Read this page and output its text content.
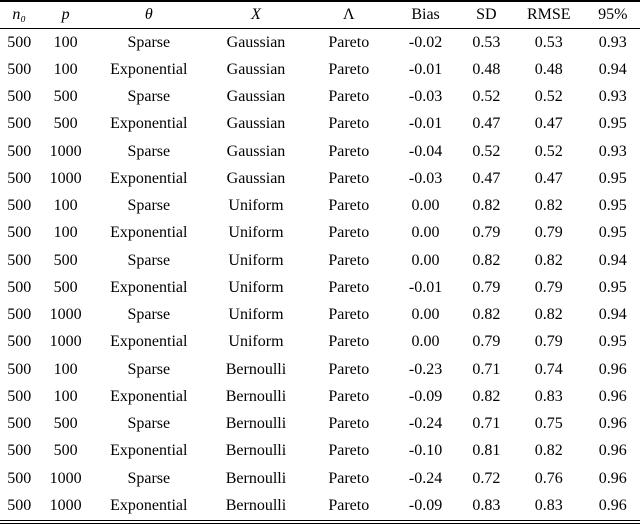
n₀	p	θ	X	Λ	Bias	SD	RMSE	95%
500	100	Sparse	Gaussian	Pareto	-0.02	0.53	0.53	0.93
500	100	Exponential	Gaussian	Pareto	-0.01	0.48	0.48	0.94
500	500	Sparse	Gaussian	Pareto	-0.03	0.52	0.52	0.93
500	500	Exponential	Gaussian	Pareto	-0.01	0.47	0.47	0.95
500	1000	Sparse	Gaussian	Pareto	-0.04	0.52	0.52	0.93
500	1000	Exponential	Gaussian	Pareto	-0.03	0.47	0.47	0.95
500	100	Sparse	Uniform	Pareto	0.00	0.82	0.82	0.95
500	100	Exponential	Uniform	Pareto	0.00	0.79	0.79	0.95
500	500	Sparse	Uniform	Pareto	0.00	0.82	0.82	0.94
500	500	Exponential	Uniform	Pareto	-0.01	0.79	0.79	0.95
500	1000	Sparse	Uniform	Pareto	0.00	0.82	0.82	0.94
500	1000	Exponential	Uniform	Pareto	0.00	0.79	0.79	0.95
500	100	Sparse	Bernoulli	Pareto	-0.23	0.71	0.74	0.96
500	100	Exponential	Bernoulli	Pareto	-0.09	0.82	0.83	0.96
500	500	Sparse	Bernoulli	Pareto	-0.24	0.71	0.75	0.96
500	500	Exponential	Bernoulli	Pareto	-0.10	0.81	0.82	0.96
500	1000	Sparse	Bernoulli	Pareto	-0.24	0.72	0.76	0.96
500	1000	Exponential	Bernoulli	Pareto	-0.09	0.83	0.83	0.96
